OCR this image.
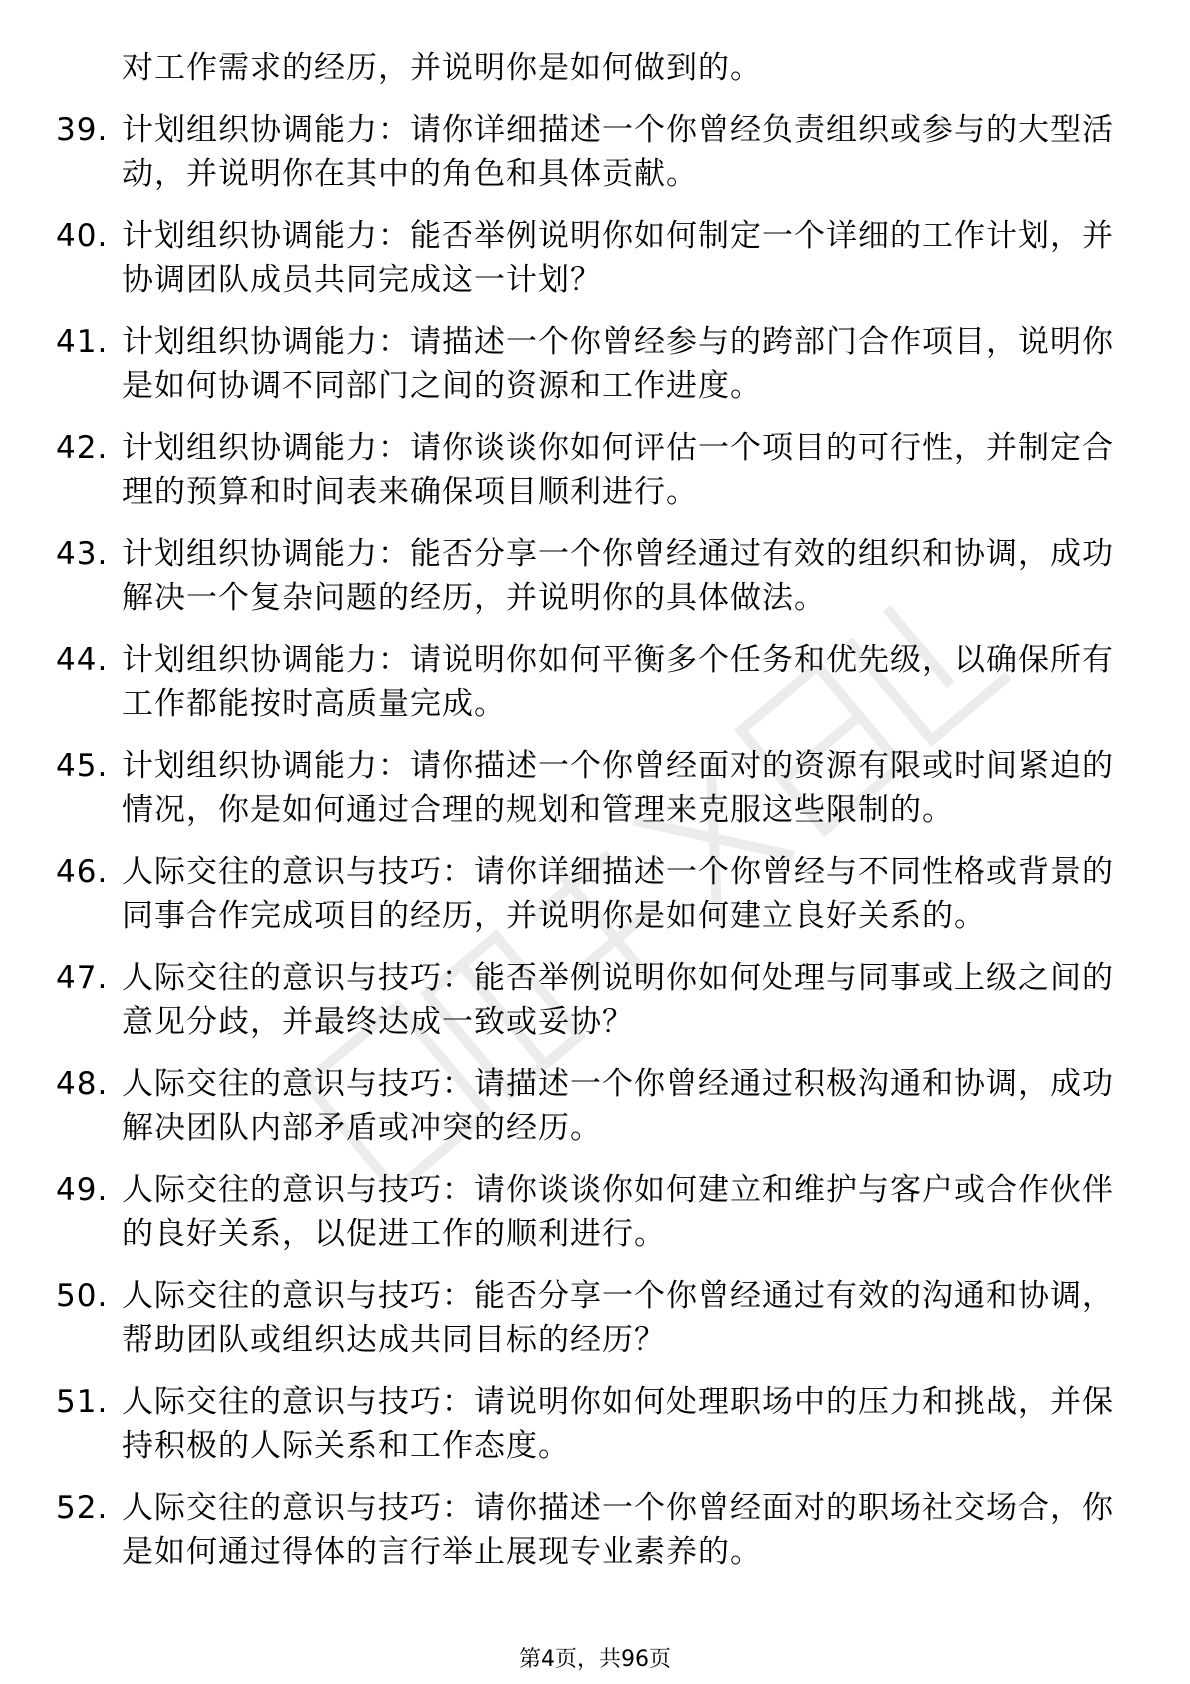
对工作需求的经历，并说明你是如何做到的。
39. 计划组织协调能力：请你详细描述一个你曾经负责组织或参与的大型活动，并说明你在其中的角色和具体贡献。
40. 计划组织协调能力：能否举例说明你如何制定一个详细的工作计划，并协调团队成员共同完成这一计划？
41. 计划组织协调能力：请描述一个你曾经参与的跨部门合作项目，说明你是如何协调不同部门之间的资源和工作进度。
42. 计划组织协调能力：请你谈谈你如何评估一个项目的可行性，并制定合理的预算和时间表来确保项目顺利进行。
43. 计划组织协调能力：能否分享一个你曾经通过有效的组织和协调，成功解决一个复杂问题的经历，并说明你的具体做法。
44. 计划组织协调能力：请说明你如何平衡多个任务和优先级，以确保所有工作都能按时高质量完成。
45. 计划组织协调能力：请你描述一个你曾经面对的资源有限或时间紧迫的情况，你是如何通过合理的规划和管理来克服这些限制的。
46. 人际交往的意识与技巧：请你详细描述一个你曾经与不同性格或背景的同事合作完成项目的经历，并说明你是如何建立良好关系的。
47. 人际交往的意识与技巧：能否举例说明你如何处理与同事或上级之间的意见分歧，并最终达成一致或妥协？
48. 人际交往的意识与技巧：请描述一个你曾经通过积极沟通和协调，成功解决团队内部矛盾或冲突的经历。
49. 人际交往的意识与技巧：请你谈谈你如何建立和维护与客户或合作伙伴的良好关系，以促进工作的顺利进行。
50. 人际交往的意识与技巧：能否分享一个你曾经通过有效的沟通和协调，帮助团队或组织达成共同目标的经历？
51. 人际交往的意识与技巧：请说明你如何处理职场中的压力和挑战，并保持积极的人际关系和工作态度。
52. 人际交往的意识与技巧：请你描述一个你曾经面对的职场社交场合，你是如何通过得体的言行举止展现专业素养的。
第4页，共96页
